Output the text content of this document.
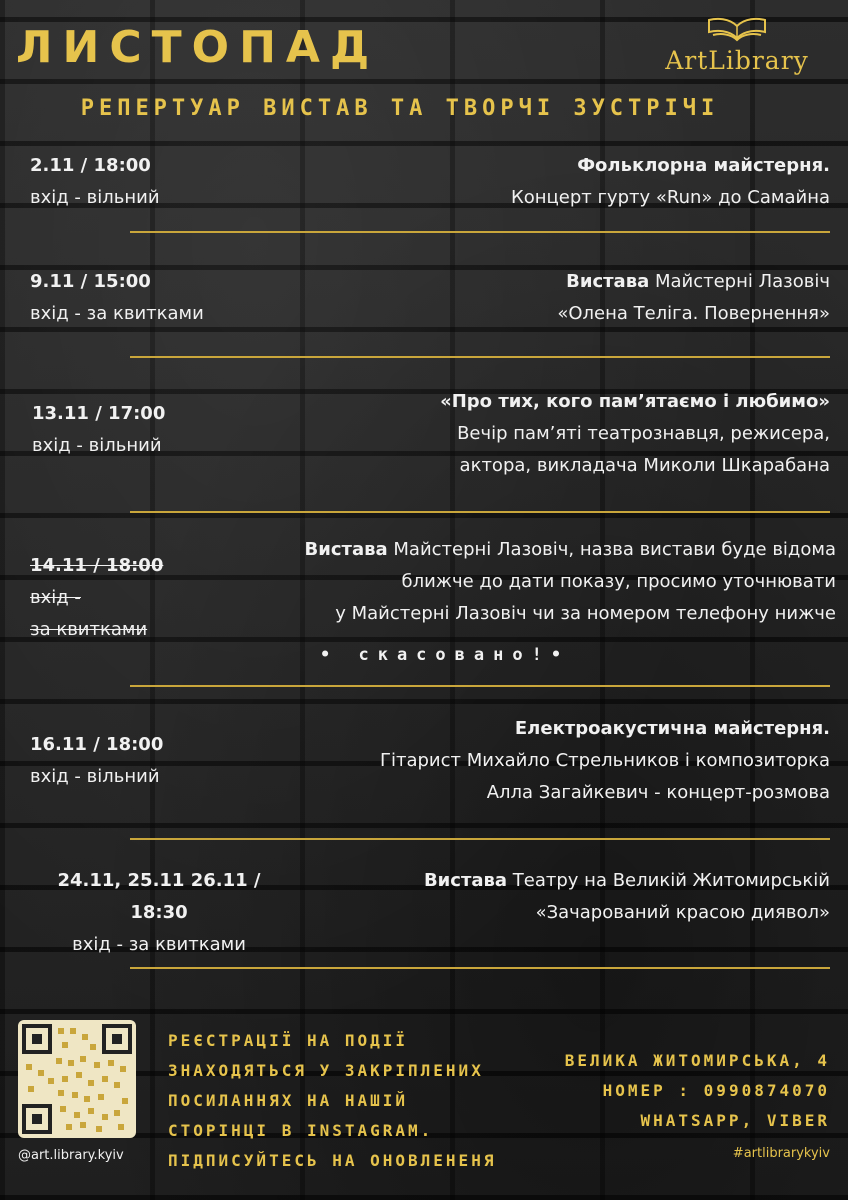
ЛИСТОПАД	ArtLibrary
РЕПЕРТУАР ВИСТАВ ТА ТВОРЧІ ЗУСТРІЧІ
2.11 / 18:00
вхід - вільний
Фольклорна майстерня.
Концерт гурту «Run» до Самайна
9.11 / 15:00
вхід - за квитками
Вистава Майстерні Лазовіч
«Олена Теліга. Повернення»
13.11 / 17:00
вхід - вільний
«Про тих, кого пам’ятаємо і любимо»
Вечір пам’яті театрознавця, режисера,
актора, викладача Миколи Шкарабана
14.11 / 18:00
вхід -
за квитками
Вистава Майстерні Лазовіч, назва вистави буде відома
ближче до дати показу, просимо уточнювати
у Майстерні Лазовіч чи за номером телефону нижче
• скасовано!•
16.11 / 18:00
вхід - вільний
Електроакустична майстерня.
Гітарист Михайло Стрельников і композиторка
Алла Загайкевич - концерт-розмова
24.11, 25.11 26.11 / 18:30
вхід - за квитками
Вистава Театру на Великій Житомирській
«Зачарований красою диявол»
@art.library.kyiv
РЕЄСТРАЦІЇ НА ПОДІЇ
ЗНАХОДЯТЬСЯ У ЗАКРІПЛЕНИХ
ПОСИЛАННЯХ НА НАШІЙ
СТОРІНЦІ В INSTAGRAM.
ПІДПИСУЙТЕСЬ НА ОНОВЛЕНЕНЯ
ВЕЛИКА ЖИТОМИРСЬКА, 4
НОМЕР : 0990874070
WHATSAPP, VIBER
#artlibrarykyiv
